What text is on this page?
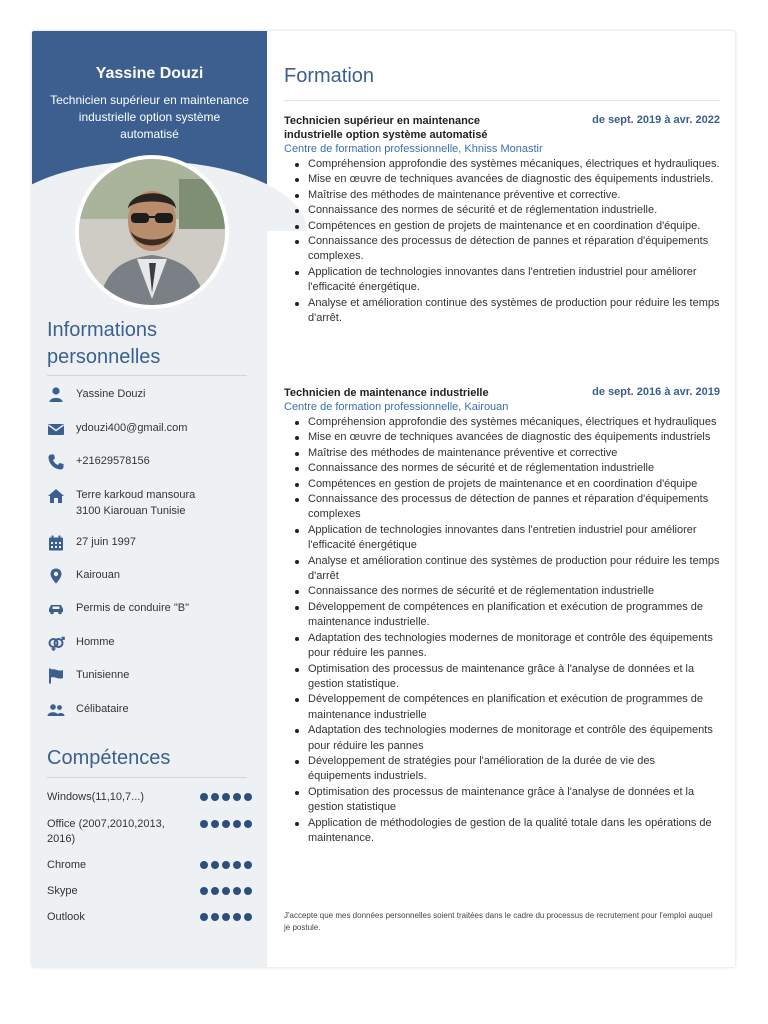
Yassine Douzi
Technicien supérieur en maintenance industrielle option système automatisé
Informations personnelles
Yassine Douzi
ydouzi400@gmail.com
+21629578156
Terre karkoud mansoura 3100 Kiarouan Tunisie
27 juin 1997
Kairouan
Permis de conduire "B"
Homme
Tunisienne
Célibataire
Compétences
Windows(11,10,7...)
Office (2007,2010,2013, 2016)
Chrome
Skype
Outlook
Formation
de sept. 2019 à avr. 2022
Technicien supérieur en maintenance industrielle option système automatisé
Centre de formation professionnelle, Khniss Monastir
Compréhension approfondie des systèmes mécaniques, électriques et hydrauliques.
Mise en œuvre de techniques avancées de diagnostic des équipements industriels.
Maîtrise des méthodes de maintenance préventive et corrective.
Connaissance des normes de sécurité et de réglementation industrielle.
Compétences en gestion de projets de maintenance et en coordination d'équipe.
Connaissance des processus de détection de pannes et réparation d'équipements complexes.
Application de technologies innovantes dans l'entretien industriel pour améliorer l'efficacité énergétique.
Analyse et amélioration continue des systèmes de production pour réduire les temps d'arrêt.
de sept. 2016 à avr. 2019
Technicien de maintenance industrielle
Centre de formation professionnelle, Kairouan
Compréhension approfondie des systèmes mécaniques, électriques et hydrauliques
Mise en œuvre de techniques avancées de diagnostic des équipements industriels
Maîtrise des méthodes de maintenance préventive et corrective
Connaissance des normes de sécurité et de réglementation industrielle
Compétences en gestion de projets de maintenance et en coordination d'équipe
Connaissance des processus de détection de pannes et réparation d'équipements complexes
Application de technologies innovantes dans l'entretien industriel pour améliorer l'efficacité énergétique
Analyse et amélioration continue des systèmes de production pour réduire les temps d'arrêt
Connaissance des normes de sécurité et de réglementation industrielle
Développement de compétences en planification et exécution de programmes de maintenance industrielle.
Adaptation des technologies modernes de monitorage et contrôle des équipements pour réduire les pannes.
Optimisation des processus de maintenance grâce à l'analyse de données et la gestion statistique.
Développement de compétences en planification et exécution de programmes de maintenance industrielle
Adaptation des technologies modernes de monitorage et contrôle des équipements pour réduire les pannes
Développement de stratégies pour l'amélioration de la durée de vie des équipements industriels.
Optimisation des processus de maintenance grâce à l'analyse de données et la gestion statistique
Application de méthodologies de gestion de la qualité totale dans les opérations de maintenance.
J'accepte que mes données personnelles soient traitées dans le cadre du processus de recrutement pour l'emploi auquel je postule.
